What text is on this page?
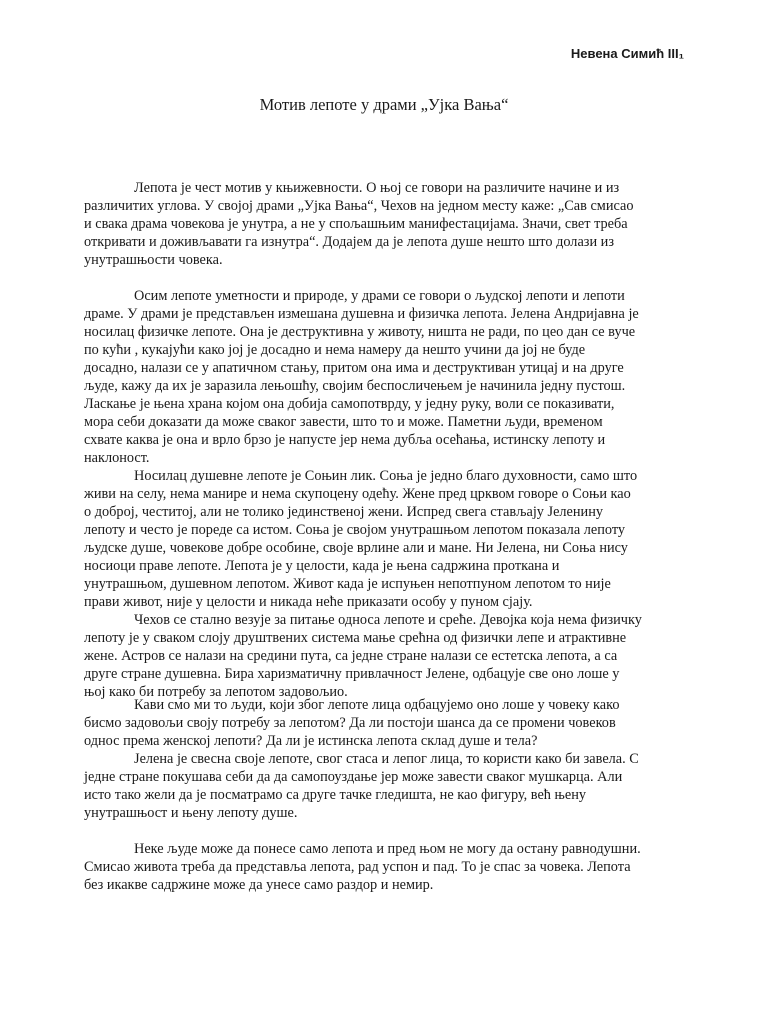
Невена Симић III₁
Мотив лепоте у драми „Ујка Вања“
Лепота је чест мотив у књижевности. О њој се говори на различите начине и из
различитих углова. У својој драми „Ујка Вања“, Чехов на једном месту каже: „Сав смисао
и свака драма човекова је унутра, а не у спољашњим манифестацијама. Значи, свет треба
откривати и доживљавати га изнутра“. Додајем да је лепота душе нешто што долази из
унутрашњости човека.
Осим лепоте уметности и природе, у драми се говори о људској лепоти и лепоти
драме. У драми је представљен измешана душевна и физичка лепота. Јелена Андријавна је
носилац физичке лепоте. Она је деструктивна у животу, ништа не ради, по цео дан се вуче
по кући , кукајући како јој је досадно и нема намеру да нешто учини да јој не буде
досадно, налази се у апатичном стању, притом она има и деструктиван утицај и на друге
људе, кажу да их је заразила лењошћу, својим беспосличењем је начинила једну пустош.
Ласкање је њена храна којом она добија самопотврду, у једну руку, воли се показивати,
мора себи доказати да може сваког завести, што то и може. Паметни људи, временом
схвате каква је она и врло брзо је напусте јер нема дубља осећања, истинску лепоту и
наклоност.
Носилац душевне лепоте је Соњин лик. Соња је једно благо духовности, само што
живи на селу, нема манире и нема скупоцену одећу. Жене пред црквом говоре о Соњи као
о доброј, честитој, али не толико јединственој жени. Испред свега стављају Јеленину
лепоту и често је пореде са истом. Соња је својом унутрашњом лепотом показала лепоту
људске душе, човекове добре особине, своје врлине али и мане. Ни Јелена, ни Соња нису
носиоци праве лепоте. Лепота је у целости, када је њена садржина проткана и
унутрашњом, душевном лепотом. Живот када је испуњен непотпуном лепотом то није
прави живот, није у целости и никада неће приказати особу у пуном сјају.
Чехов се стално везује за питање односа лепоте и среће. Девојка која нема физичку
лепоту је у сваком слоју друштвених система мање срећна од физички лепе и атрактивне
жене. Астров се налази на средини пута, са једне стране налази се естетска лепота, а са
друге стране душевна. Бира харизматичну привлачност Јелене, одбацује све оно лоше у
њој како би потребу за лепотом задовољио.
Кави смо ми то људи, који због лепоте лица одбацујемо оно лоше у човеку како
бисмо задовољи своју потребу за лепотом? Да ли постоји шанса да се промени човеков
однос према женској лепоти? Да ли је истинска лепота склад душе и тела?
Јелена је свесна своје лепоте, свог стаса и лепог лица, то користи како би завела. С
једне стране покушава себи да да самопоуздање јер може завести сваког мушкарца. Али
исто тако жели да је посматрамо са друге тачке гледишта, не као фигуру, већ њену
унутрашњост и њену лепоту душе.
Неке људе може да понесе само лепота и пред њом не могу да остану равнодушни.
Смисао живота треба да представља лепота, рад успон и пад. То је спас за човека. Лепота
без икакве садржине може да унесе само раздор и немир.
